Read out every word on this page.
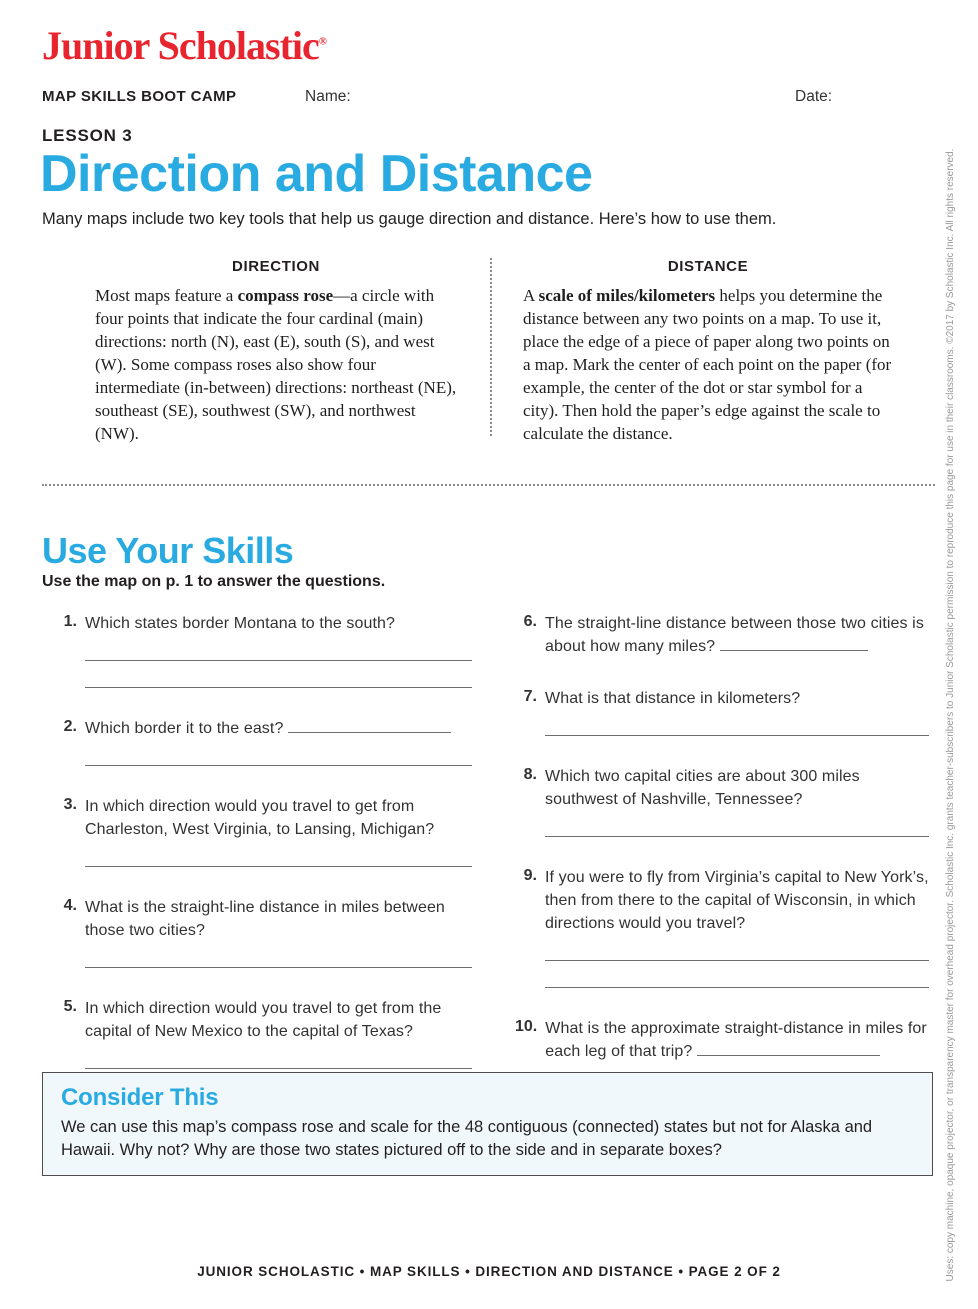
Junior Scholastic®
MAP SKILLS BOOT CAMP	Name:	Date:
LESSON 3
Direction and Distance
Many maps include two key tools that help us gauge direction and distance. Here’s how to use them.
DIRECTION

Most maps feature a compass rose—a circle with four points that indicate the four cardinal (main) directions: north (N), east (E), south (S), and west (W). Some compass roses also show four intermediate (in-between) directions: northeast (NE), southeast (SE), southwest (SW), and northwest (NW).

DISTANCE

A scale of miles/kilometers helps you determine the distance between any two points on a map. To use it, place the edge of a piece of paper along two points on a map. Mark the center of each point on the paper (for example, the center of the dot or star symbol for a city). Then hold the paper’s edge against the scale to calculate the distance.

Use Your Skills
Use the map on p. 1 to answer the questions.
1. Which states border Montana to the south?
2. Which border it to the east?
3. In which direction would you travel to get from Charleston, West Virginia, to Lansing, Michigan?
4. What is the straight-line distance in miles between those two cities?
5. In which direction would you travel to get from the capital of New Mexico to the capital of Texas?
6. The straight-line distance between those two cities is about how many miles?
7. What is that distance in kilometers?
8. Which two capital cities are about 300 miles southwest of Nashville, Tennessee?
9. If you were to fly from Virginia’s capital to New York’s, then from there to the capital of Wisconsin, in which directions would you travel?
10. What is the approximate straight-distance in miles for each leg of that trip?
Consider This
We can use this map’s compass rose and scale for the 48 contiguous (connected) states but not for Alaska and Hawaii. Why not? Why are those two states pictured off to the side and in separate boxes?
JUNIOR SCHOLASTIC • MAP SKILLS • DIRECTION AND DISTANCE • PAGE 2 OF 2	Uses: copy machine, opaque projector, or transparency master for overhead projector. Scholastic Inc. grants teacher-subscribers to Junior Scholastic permission to reproduce this page for use in their classrooms. ©2017 by Scholastic Inc. All rights reserved.
